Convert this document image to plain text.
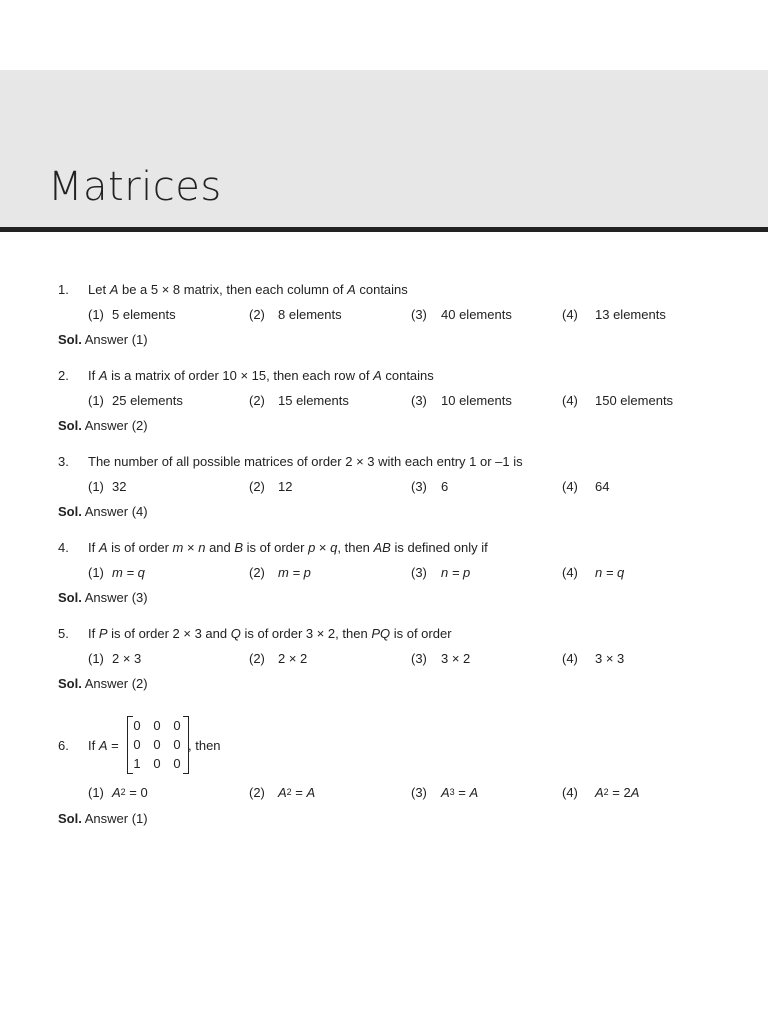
Matrices
1. Let A be a 5 × 8 matrix, then each column of A contains
(1) 5 elements	(2) 8 elements	(3) 40 elements	(4) 13 elements
Sol. Answer (1)
2. If A is a matrix of order 10 × 15, then each row of A contains
(1) 25 elements	(2) 15 elements	(3) 10 elements	(4) 150 elements
Sol. Answer (2)
3. The number of all possible matrices of order 2 × 3 with each entry 1 or –1 is
(1) 32	(2) 12	(3) 6	(4) 64
Sol. Answer (4)
4. If A is of order m × n and B is of order p × q, then AB is defined only if
(1) m = q	(2) m = p	(3) n = p	(4) n = q
Sol. Answer (3)
5. If P is of order 2 × 3 and Q is of order 3 × 2, then PQ is of order
(1) 2 × 3	(2) 2 × 2	(3) 3 × 2	(4) 3 × 3
Sol. Answer (2)
6. If A =
0 0 0
0 0 0
1 0 0
, then
(1) $A^2 = 0$	(2) $A^2 = A$	(3) $A^3 = A$	(4) $A^2 = 2A$
Sol. Answer (1)
